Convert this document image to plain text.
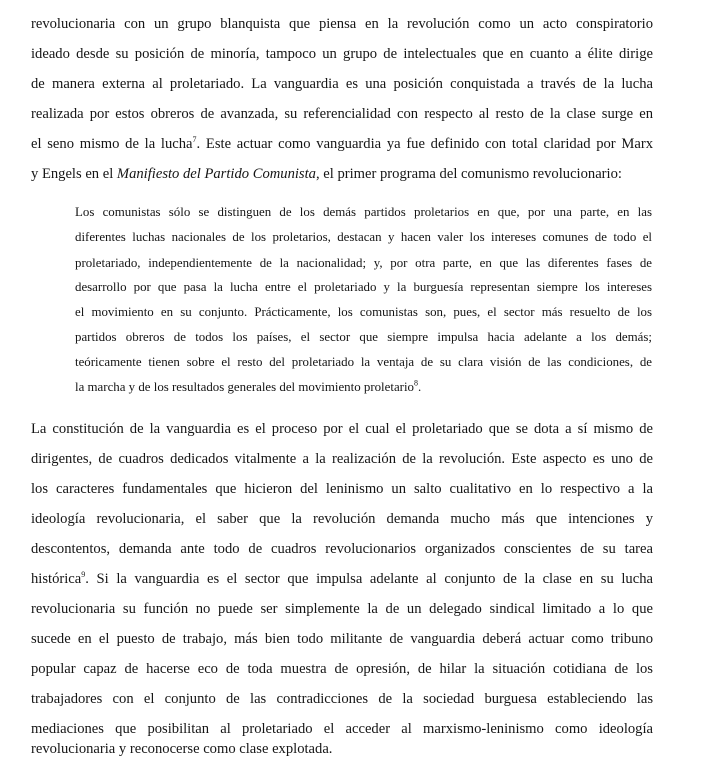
revolucionaria con un grupo blanquista que piensa en la revolución como un acto conspiratorio
ideado desde su posición de minoría, tampoco un grupo de intelectuales que en cuanto a élite dirige
de manera externa al proletariado. La vanguardia es una posición conquistada a través de la lucha
realizada por estos obreros de avanzada, su referencialidad con respecto al resto de la clase surge en
el seno mismo de la lucha$^7$. Este actuar como vanguardia ya fue definido con total claridad por Marx
y Engels en el Manifiesto del Partido Comunista, el primer programa del comunismo revolucionario:
Los comunistas sólo se distinguen de los demás partidos proletarios en que, por una parte, en las
diferentes luchas nacionales de los proletarios, destacan y hacen valer los intereses comunes de todo el
proletariado, independientemente de la nacionalidad; y, por otra parte, en que las diferentes fases de
desarrollo por que pasa la lucha entre el proletariado y la burguesía representan siempre los intereses
el movimiento en su conjunto. Prácticamente, los comunistas son, pues, el sector más resuelto de los
partidos obreros de todos los países, el sector que siempre impulsa hacia adelante a los demás;
teóricamente tienen sobre el resto del proletariado la ventaja de su clara visión de las condiciones, de
la marcha y de los resultados generales del movimiento proletario$^8$.
La constitución de la vanguardia es el proceso por el cual el proletariado que se dota a sí mismo de
dirigentes, de cuadros dedicados vitalmente a la realización de la revolución. Este aspecto es uno de
los caracteres fundamentales que hicieron del leninismo un salto cualitativo en lo respectivo a la
ideología revolucionaria, el saber que la revolución demanda mucho más que intenciones y
descontentos, demanda ante todo de cuadros revolucionarios organizados conscientes de su tarea
histórica$^9$. Si la vanguardia es el sector que impulsa adelante al conjunto de la clase en su lucha
revolucionaria su función no puede ser simplemente la de un delegado sindical limitado a lo que
sucede en el puesto de trabajo, más bien todo militante de vanguardia deberá actuar como tribuno
popular capaz de hacerse eco de toda muestra de opresión, de hilar la situación cotidiana de los
trabajadores con el conjunto de las contradicciones de la sociedad burguesa estableciendo las
mediaciones que posibilitan al proletariado el acceder al marxismo-leninismo como ideología
revolucionaria y reconocerse como clase explotada.
